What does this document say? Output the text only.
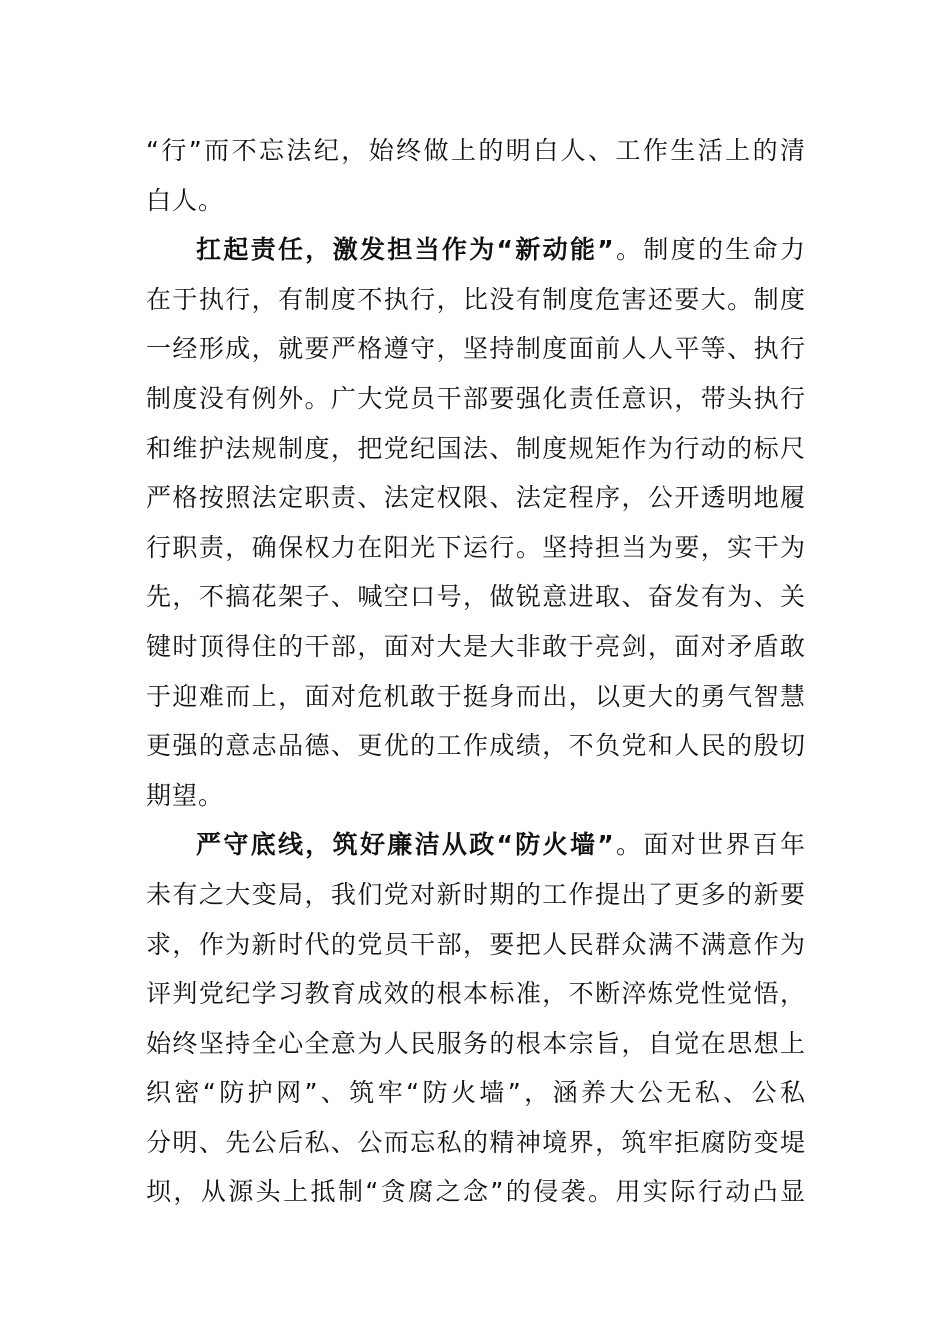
“行”而不忘法纪，始终做上的明白人、工作生活上的清
白人。

扛起责任，激发担当作为“新动能”。制度的生命力
在于执行，有制度不执行，比没有制度危害还要大。制度
一经形成，就要严格遵守，坚持制度面前人人平等、执行
制度没有例外。广大党员干部要强化责任意识，带头执行
和维护法规制度，把党纪国法、制度规矩作为行动的标尺
严格按照法定职责、法定权限、法定程序，公开透明地履
行职责，确保权力在阳光下运行。坚持担当为要，实干为
先，不搞花架子、喊空口号，做锐意进取、奋发有为、关
键时顶得住的干部，面对大是大非敢于亮剑，面对矛盾敢
于迎难而上，面对危机敢于挺身而出，以更大的勇气智慧
更强的意志品德、更优的工作成绩，不负党和人民的殷切
期望。

严守底线，筑好廉洁从政“防火墙”。面对世界百年
未有之大变局，我们党对新时期的工作提出了更多的新要
求，作为新时代的党员干部，要把人民群众满不满意作为
评判党纪学习教育成效的根本标准，不断淬炼党性觉悟，
始终坚持全心全意为人民服务的根本宗旨，自觉在思想上
织密“防护网”、筑牢“防火墙”，涵养大公无私、公私
分明、先公后私、公而忘私的精神境界，筑牢拒腐防变堤
坝，从源头上抵制“贪腐之念”的侵袭。用实际行动凸显
